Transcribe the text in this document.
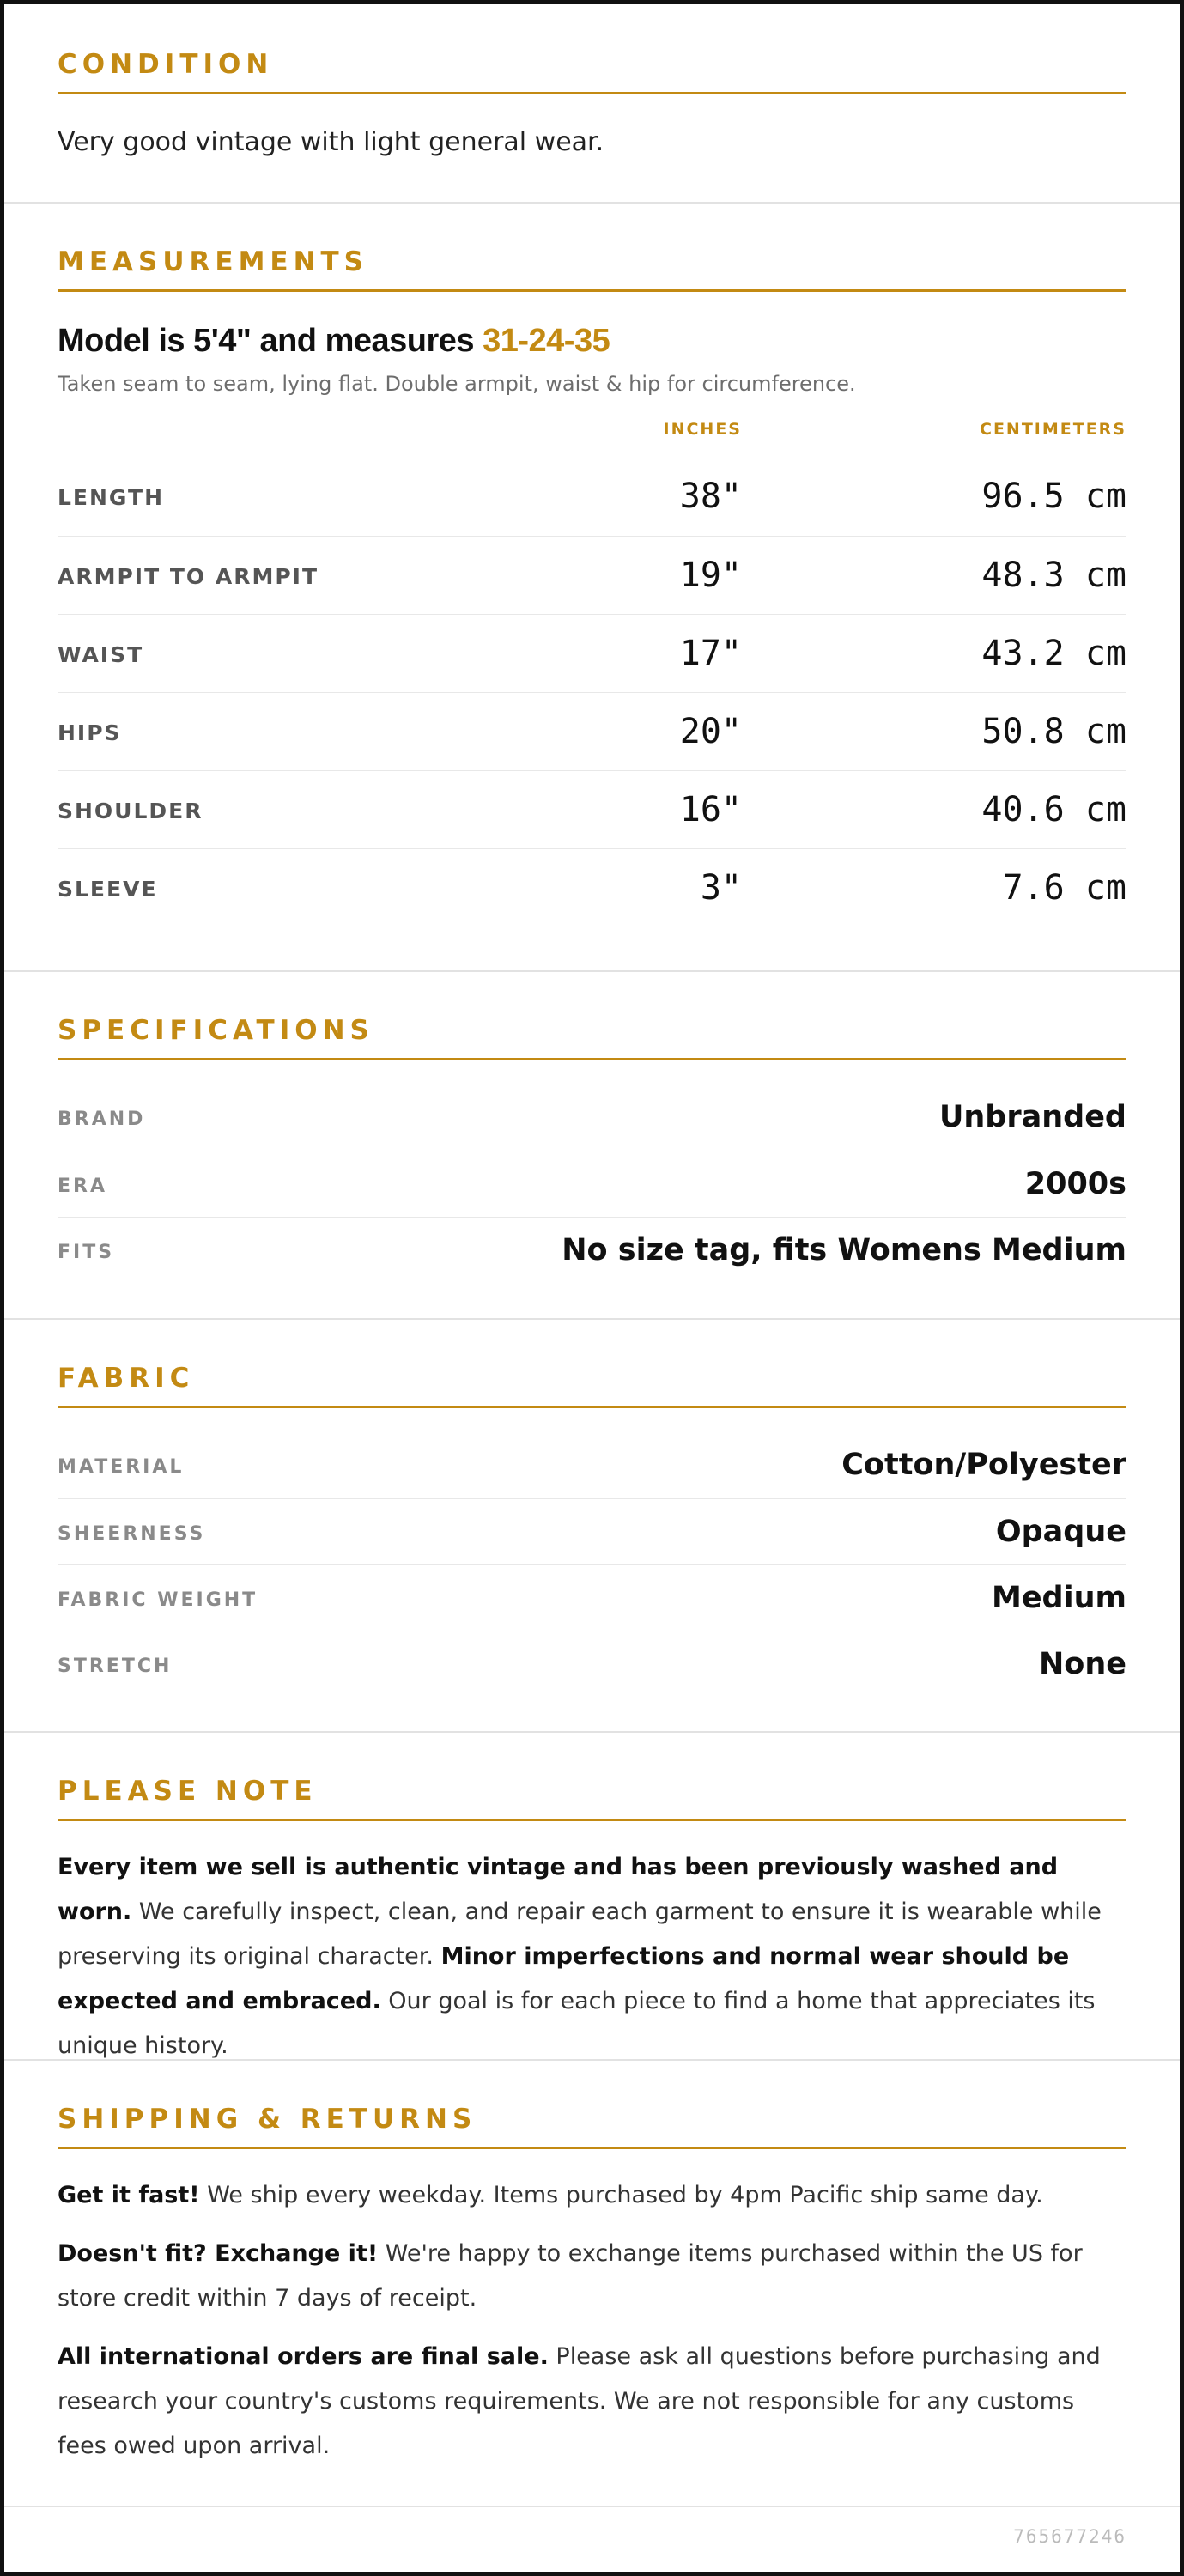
CONDITION
Very good vintage with light general wear.
MEASUREMENTS
Model is 5'4" and measures 31-24-35
Taken seam to seam, lying flat. Double armpit, waist & hip for circumference.
INCHES	CENTIMETERS
LENGTH	38"	96.5 cm
ARMPIT TO ARMPIT	19"	48.3 cm
WAIST	17"	43.2 cm
HIPS	20"	50.8 cm
SHOULDER	16"	40.6 cm
SLEEVE	3"	7.6 cm
SPECIFICATIONS
BRAND	Unbranded
ERA	2000s
FITS	No size tag, fits Womens Medium
FABRIC
MATERIAL	Cotton/Polyester
SHEERNESS	Opaque
FABRIC WEIGHT	Medium
STRETCH	None
PLEASE NOTE

Every item we sell is authentic vintage and has been previously washed and worn. We carefully inspect, clean, and repair each garment to ensure it is wearable while preserving its original character. Minor imperfections and normal wear should be expected and embraced. Our goal is for each piece to find a home that appreciates its unique history.

SHIPPING & RETURNS

Get it fast! We ship every weekday. Items purchased by 4pm Pacific ship same day.

Doesn't fit? Exchange it! We're happy to exchange items purchased within the US for store credit within 7 days of receipt.

All international orders are final sale. Please ask all questions before purchasing and research your country's customs requirements. We are not responsible for any customs fees owed upon arrival.

765677246
